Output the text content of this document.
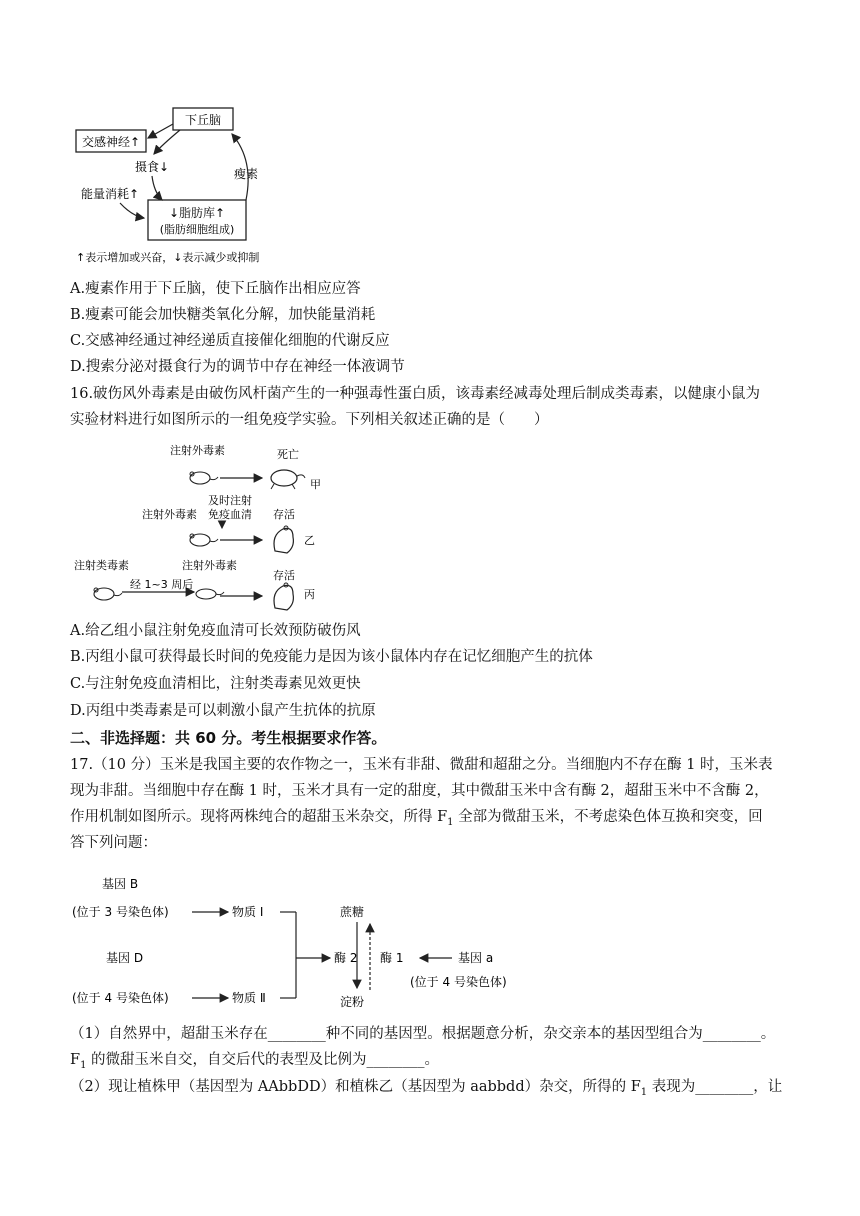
下丘脑
交感神经↑
摄食↓
能量消耗↑
↓脂肪库↑
(脂肪细胞组成)
瘦素
↑表示增加或兴奋，↓表示减少或抑制
A.瘦素作用于下丘脑，使下丘脑作出相应应答
B.瘦素可能会加快糖类氧化分解，加快能量消耗
C.交感神经通过神经递质直接催化细胞的代谢反应
D.搜索分泌对摄食行为的调节中存在神经一体液调节
16.破伤风外毒素是由破伤风杆菌产生的一种强毒性蛋白质，该毒素经减毒处理后制成类毒素，以健康小鼠为
实验材料进行如图所示的一组免疫学实验。下列相关叙述正确的是（　　）
注射外毒素	死亡
甲
注射外毒素
及时注射
免疫血清 存活
乙
注射类毒素	注射外毒素
经 1~3 周后
存活
丙
A.给乙组小鼠注射免疫血清可长效预防破伤风
B.丙组小鼠可获得最长时间的免疫能力是因为该小鼠体内存在记忆细胞产生的抗体
C.与注射免疫血清相比，注射类毒素见效更快
D.丙组中类毒素是可以刺激小鼠产生抗体的抗原
二、非选择题：共 60 分。考生根据要求作答。
17.（10 分）玉米是我国主要的农作物之一，玉米有非甜、微甜和超甜之分。当细胞内不存在酶 1 时，玉米表
现为非甜。当细胞中存在酶 1 时，玉米才具有一定的甜度，其中微甜玉米中含有酶 2，超甜玉米中不含酶 2，
作用机制如图所示。现将两株纯合的超甜玉米杂交，所得 $F_1$ 全部为微甜玉米，不考虑染色体互换和突变，回
答下列问题：
基因 B
(位于 3 号染色体)	物质 Ⅰ
基因 D
(位于 4 号染色体)	物质 Ⅱ
酶 2
蔗糖
淀粉
酶 1	基因 a
(位于 4 号染色体)
（1）自然界中，超甜玉米存在________种不同的基因型。根据题意分析，杂交亲本的基因型组合为________。
$F_1$ 的微甜玉米自交，自交后代的表型及比例为________。
（2）现让植株甲（基因型为 AAbbDD）和植株乙（基因型为 aabbdd）杂交，所得的 $F_1$ 表现为________，让
